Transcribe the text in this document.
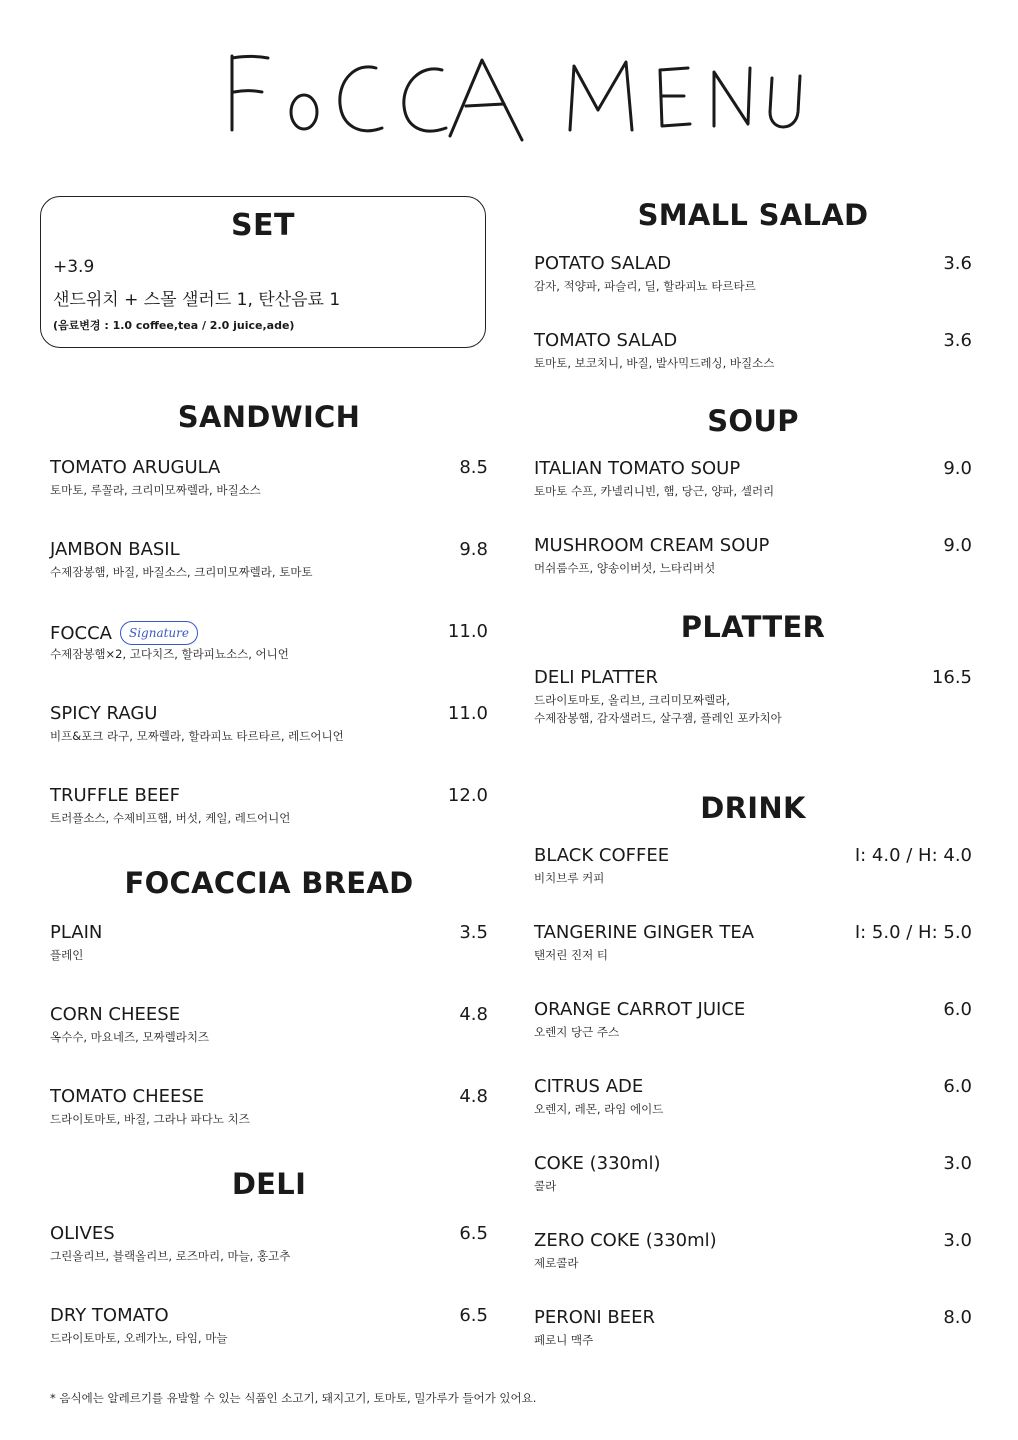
+3.9
샌드위치 + 스몰 샐러드 1, 탄산음료 1
(음료변경 : 1.0 coffee,tea / 2.0 juice,ade)
SET
SANDWICH
TOMATO ARUGULA	8.5
토마토, 루꼴라, 크리미모짜렐라, 바질소스
JAMBON BASIL	9.8
수제잠봉햄, 바질, 바질소스, 크리미모짜렐라, 토마토
FOCCA Signature	11.0
수제잠봉햄×2, 고다치즈, 할라피뇨소스, 어니언
SPICY RAGU	11.0
비프&포크 라구, 모짜렐라, 할라피뇨 타르타르, 레드어니언
TRUFFLE BEEF	12.0
트러플소스, 수제비프햄, 버섯, 케일, 레드어니언
FOCACCIA BREAD
PLAIN	3.5
플레인
CORN CHEESE	4.8
옥수수, 마요네즈, 모짜렐라치즈
TOMATO CHEESE	4.8
드라이토마토, 바질, 그라나 파다노 치즈
DELI
OLIVES	6.5
그린올리브, 블랙올리브, 로즈마리, 마늘, 홍고추
DRY TOMATO	6.5
드라이토마토, 오레가노, 타임, 마늘
SMALL SALAD
POTATO SALAD	3.6
감자, 적양파, 파슬리, 딜, 할라피뇨 타르타르
TOMATO SALAD	3.6
토마토, 보코치니, 바질, 발사믹드레싱, 바질소스
SOUP
ITALIAN TOMATO SOUP	9.0
토마토 수프, 카넬리니빈, 햄, 당근, 양파, 셀러리
MUSHROOM CREAM SOUP	9.0
머쉬룸수프, 양송이버섯, 느타리버섯
PLATTER
DELI PLATTER	16.5
드라이토마토, 올리브, 크리미모짜렐라,
수제잠봉햄, 감자샐러드, 살구잼, 플레인 포카치아
DRINK
BLACK COFFEE	I: 4.0 / H: 4.0
비치브루 커피
TANGERINE GINGER TEA	I: 5.0 / H: 5.0
탠저린 진저 티
ORANGE CARROT JUICE	6.0
오렌지 당근 주스
CITRUS ADE	6.0
오렌지, 레몬, 라임 에이드
COKE (330ml)	3.0
콜라
ZERO COKE (330ml)	3.0
제로콜라
PERONI BEER	8.0
페로니 맥주
* 음식에는 알레르기를 유발할 수 있는 식품인 소고기, 돼지고기, 토마토, 밀가루가 들어가 있어요.
